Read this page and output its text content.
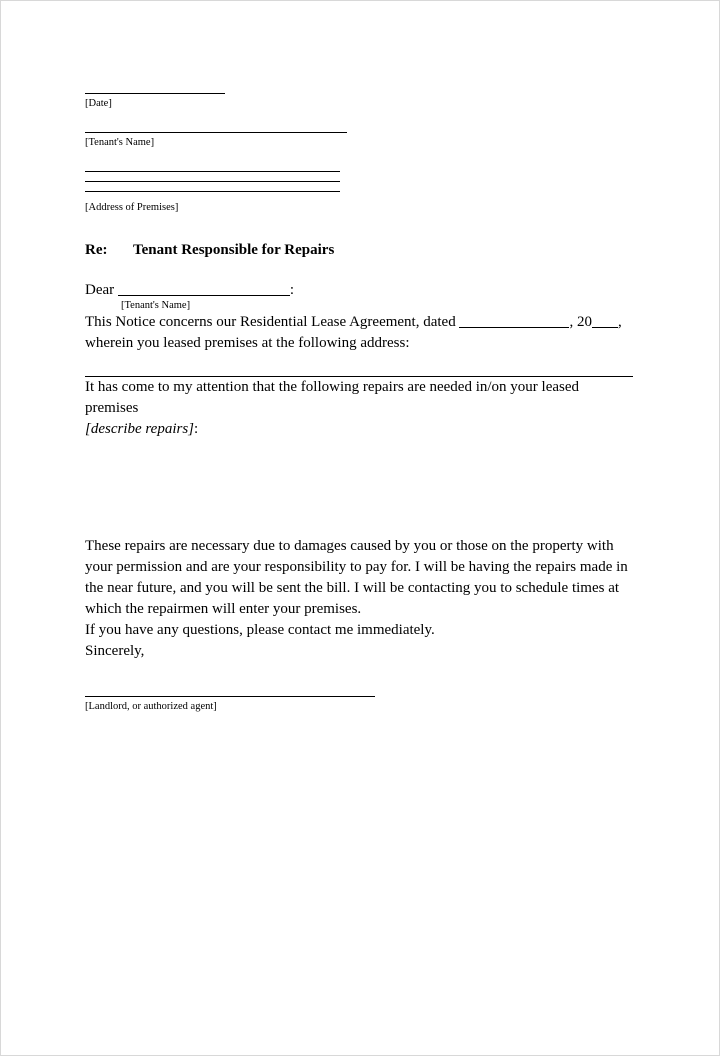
[Date]
[Tenant's Name]
[Address of Premises]
Re: Tenant Responsible for Repairs
Dear	:
[Tenant's Name]

This Notice concerns our Residential Lease Agreement, dated	, 20 ,
wherein you leased premises at the following address:

It has come to my attention that the following repairs are needed in/on your leased premises
[describe repairs]:

These repairs are necessary due to damages caused by you or those on the property with your permission and are your responsibility to pay for. I will be having the repairs made in the near future, and you will be sent the bill. I will be contacting you to schedule times at which the repairmen will enter your premises.

If you have any questions, please contact me immediately.

Sincerely,

[Landlord, or authorized agent]
